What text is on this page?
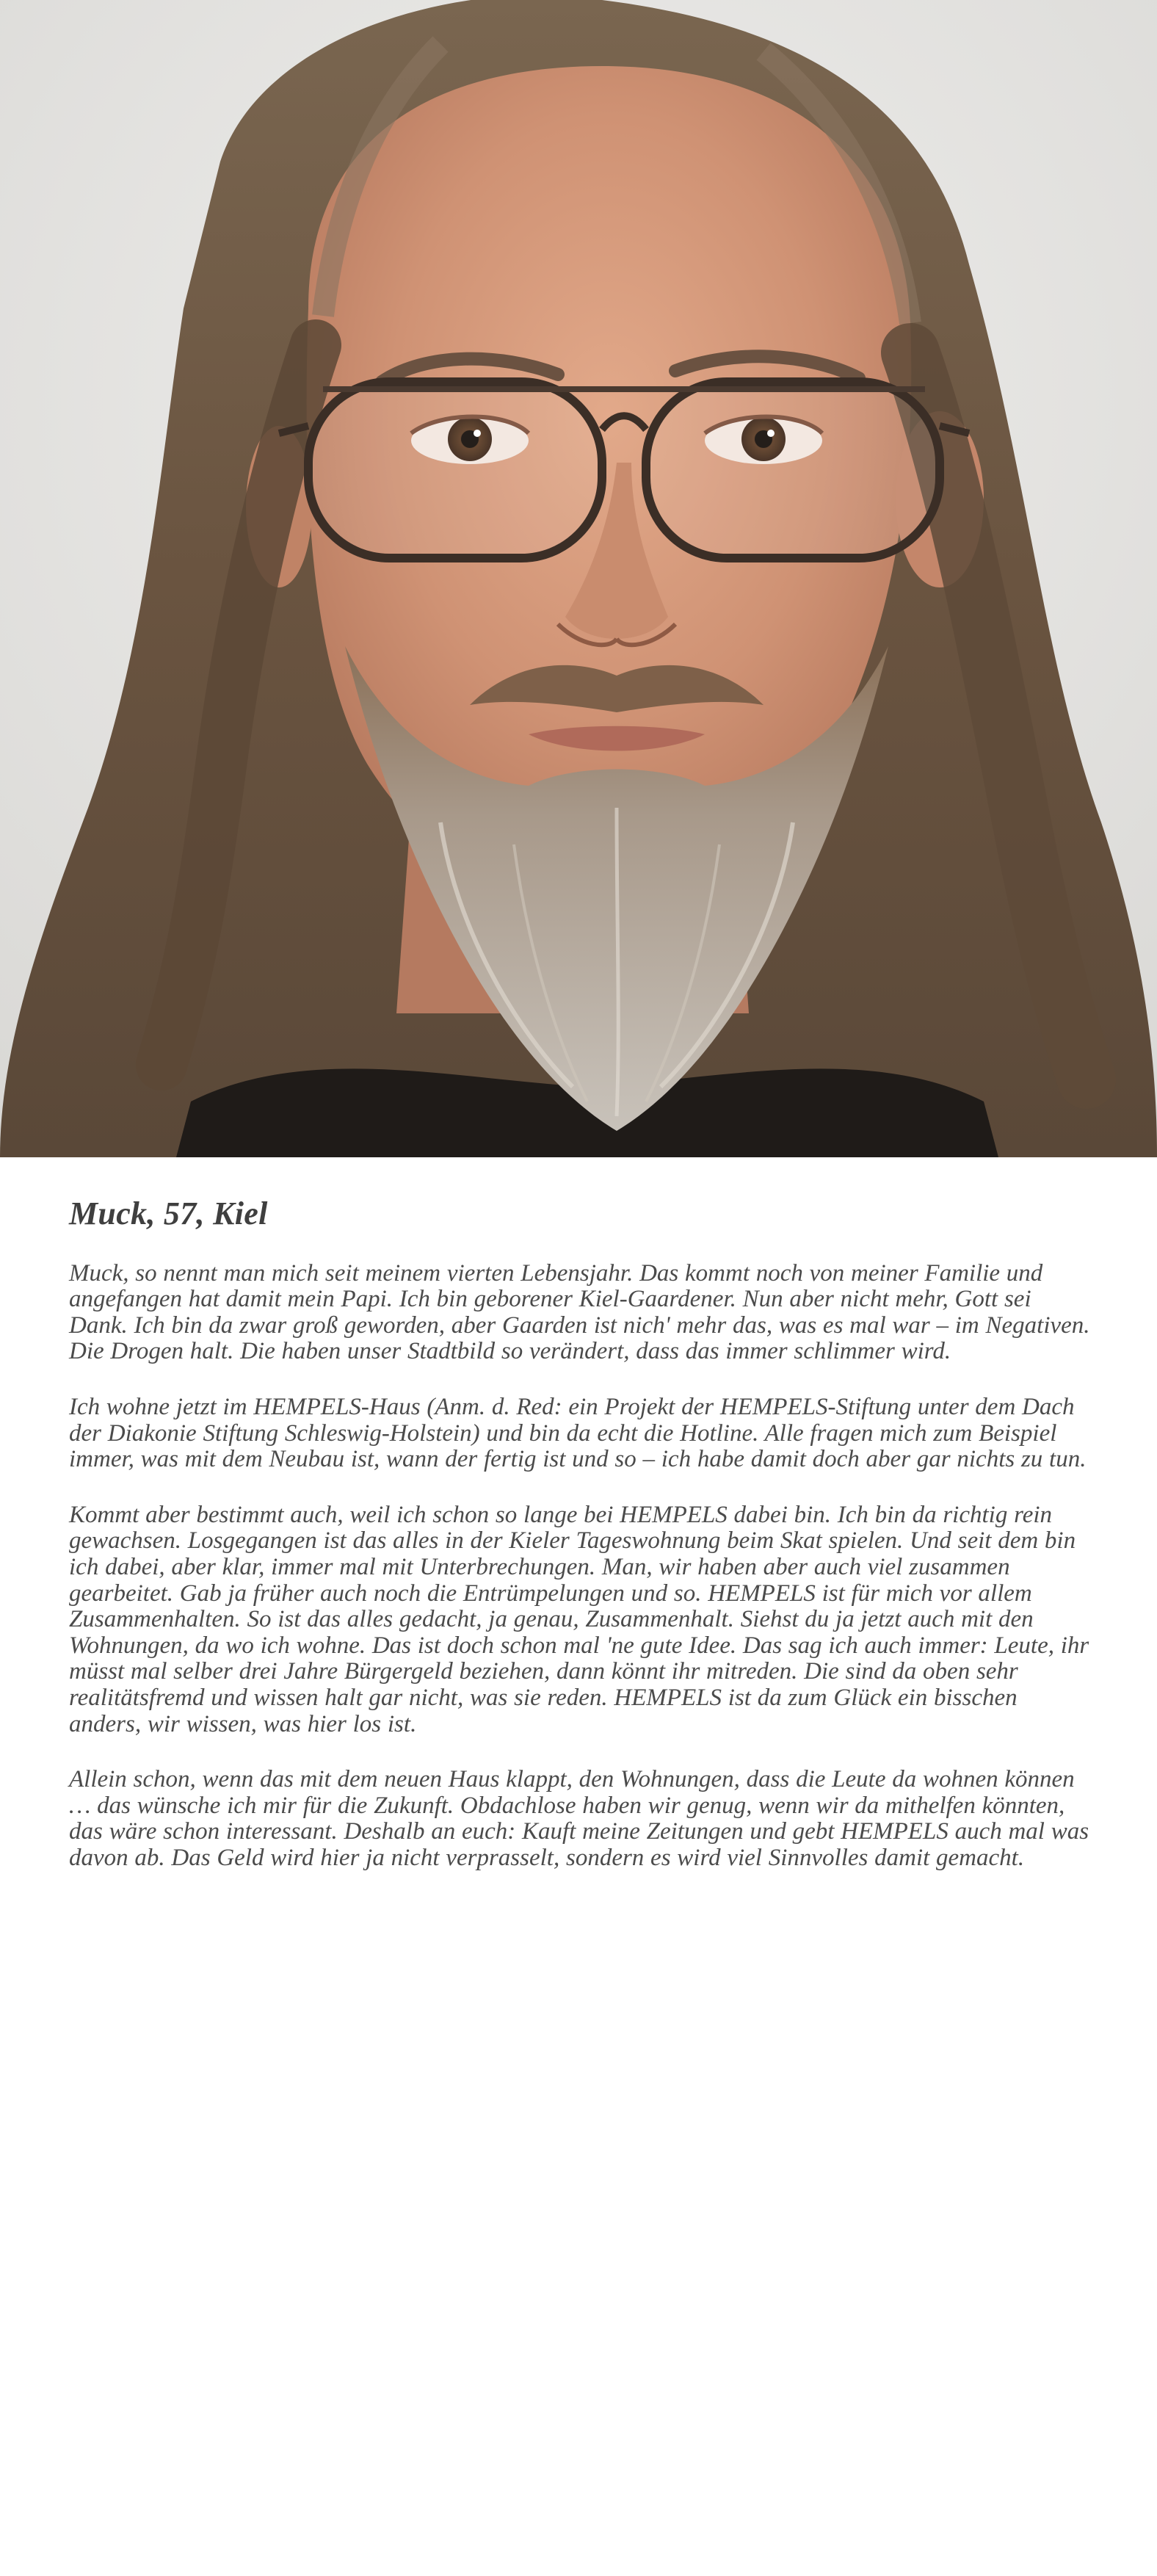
Muck, 57, Kiel

Muck, so nennt man mich seit meinem vierten Lebensjahr. Das kommt noch von meiner Familie und angefangen hat damit mein Papi. Ich bin geborener Kiel-Gaardener. Nun aber nicht mehr, Gott sei Dank. Ich bin da zwar groß geworden, aber Gaarden ist nich' mehr das, was es mal war – im Negativen. Die Drogen halt. Die haben unser Stadtbild so verändert, dass das immer schlimmer wird.

Ich wohne jetzt im HEMPELS-Haus (Anm. d. Red: ein Projekt der HEMPELS-Stiftung unter dem Dach der Diakonie Stiftung Schleswig-Holstein) und bin da echt die Hotline. Alle fragen mich zum Beispiel immer, was mit dem Neubau ist, wann der fertig ist und so – ich habe damit doch aber gar nichts zu tun.

Kommt aber bestimmt auch, weil ich schon so lange bei HEMPELS dabei bin. Ich bin da richtig rein gewachsen. Losgegangen ist das alles in der Kieler Tageswohnung beim Skat spielen. Und seit dem bin ich dabei, aber klar, immer mal mit Unterbrechungen. Man, wir haben aber auch viel zusammen gearbeitet. Gab ja früher auch noch die Entrümpelungen und so. HEMPELS ist für mich vor allem Zusammenhalten. So ist das alles gedacht, ja genau, Zusammenhalt. Siehst du ja jetzt auch mit den Wohnungen, da wo ich wohne. Das ist doch schon mal 'ne gute Idee. Das sag ich auch immer: Leute, ihr müsst mal selber drei Jahre Bürgergeld beziehen, dann könnt ihr mitreden. Die sind da oben sehr realitätsfremd und wissen halt gar nicht, was sie reden. HEMPELS ist da zum Glück ein bisschen anders, wir wissen, was hier los ist.

Allein schon, wenn das mit dem neuen Haus klappt, den Wohnungen, dass die Leute da wohnen können … das wünsche ich mir für die Zukunft. Obdachlose haben wir genug, wenn wir da mithelfen könnten, das wäre schon interessant. Deshalb an euch: Kauft meine Zeitungen und gebt HEMPELS auch mal was davon ab. Das Geld wird hier ja nicht verprasselt, sondern es wird viel Sinnvolles damit gemacht.
